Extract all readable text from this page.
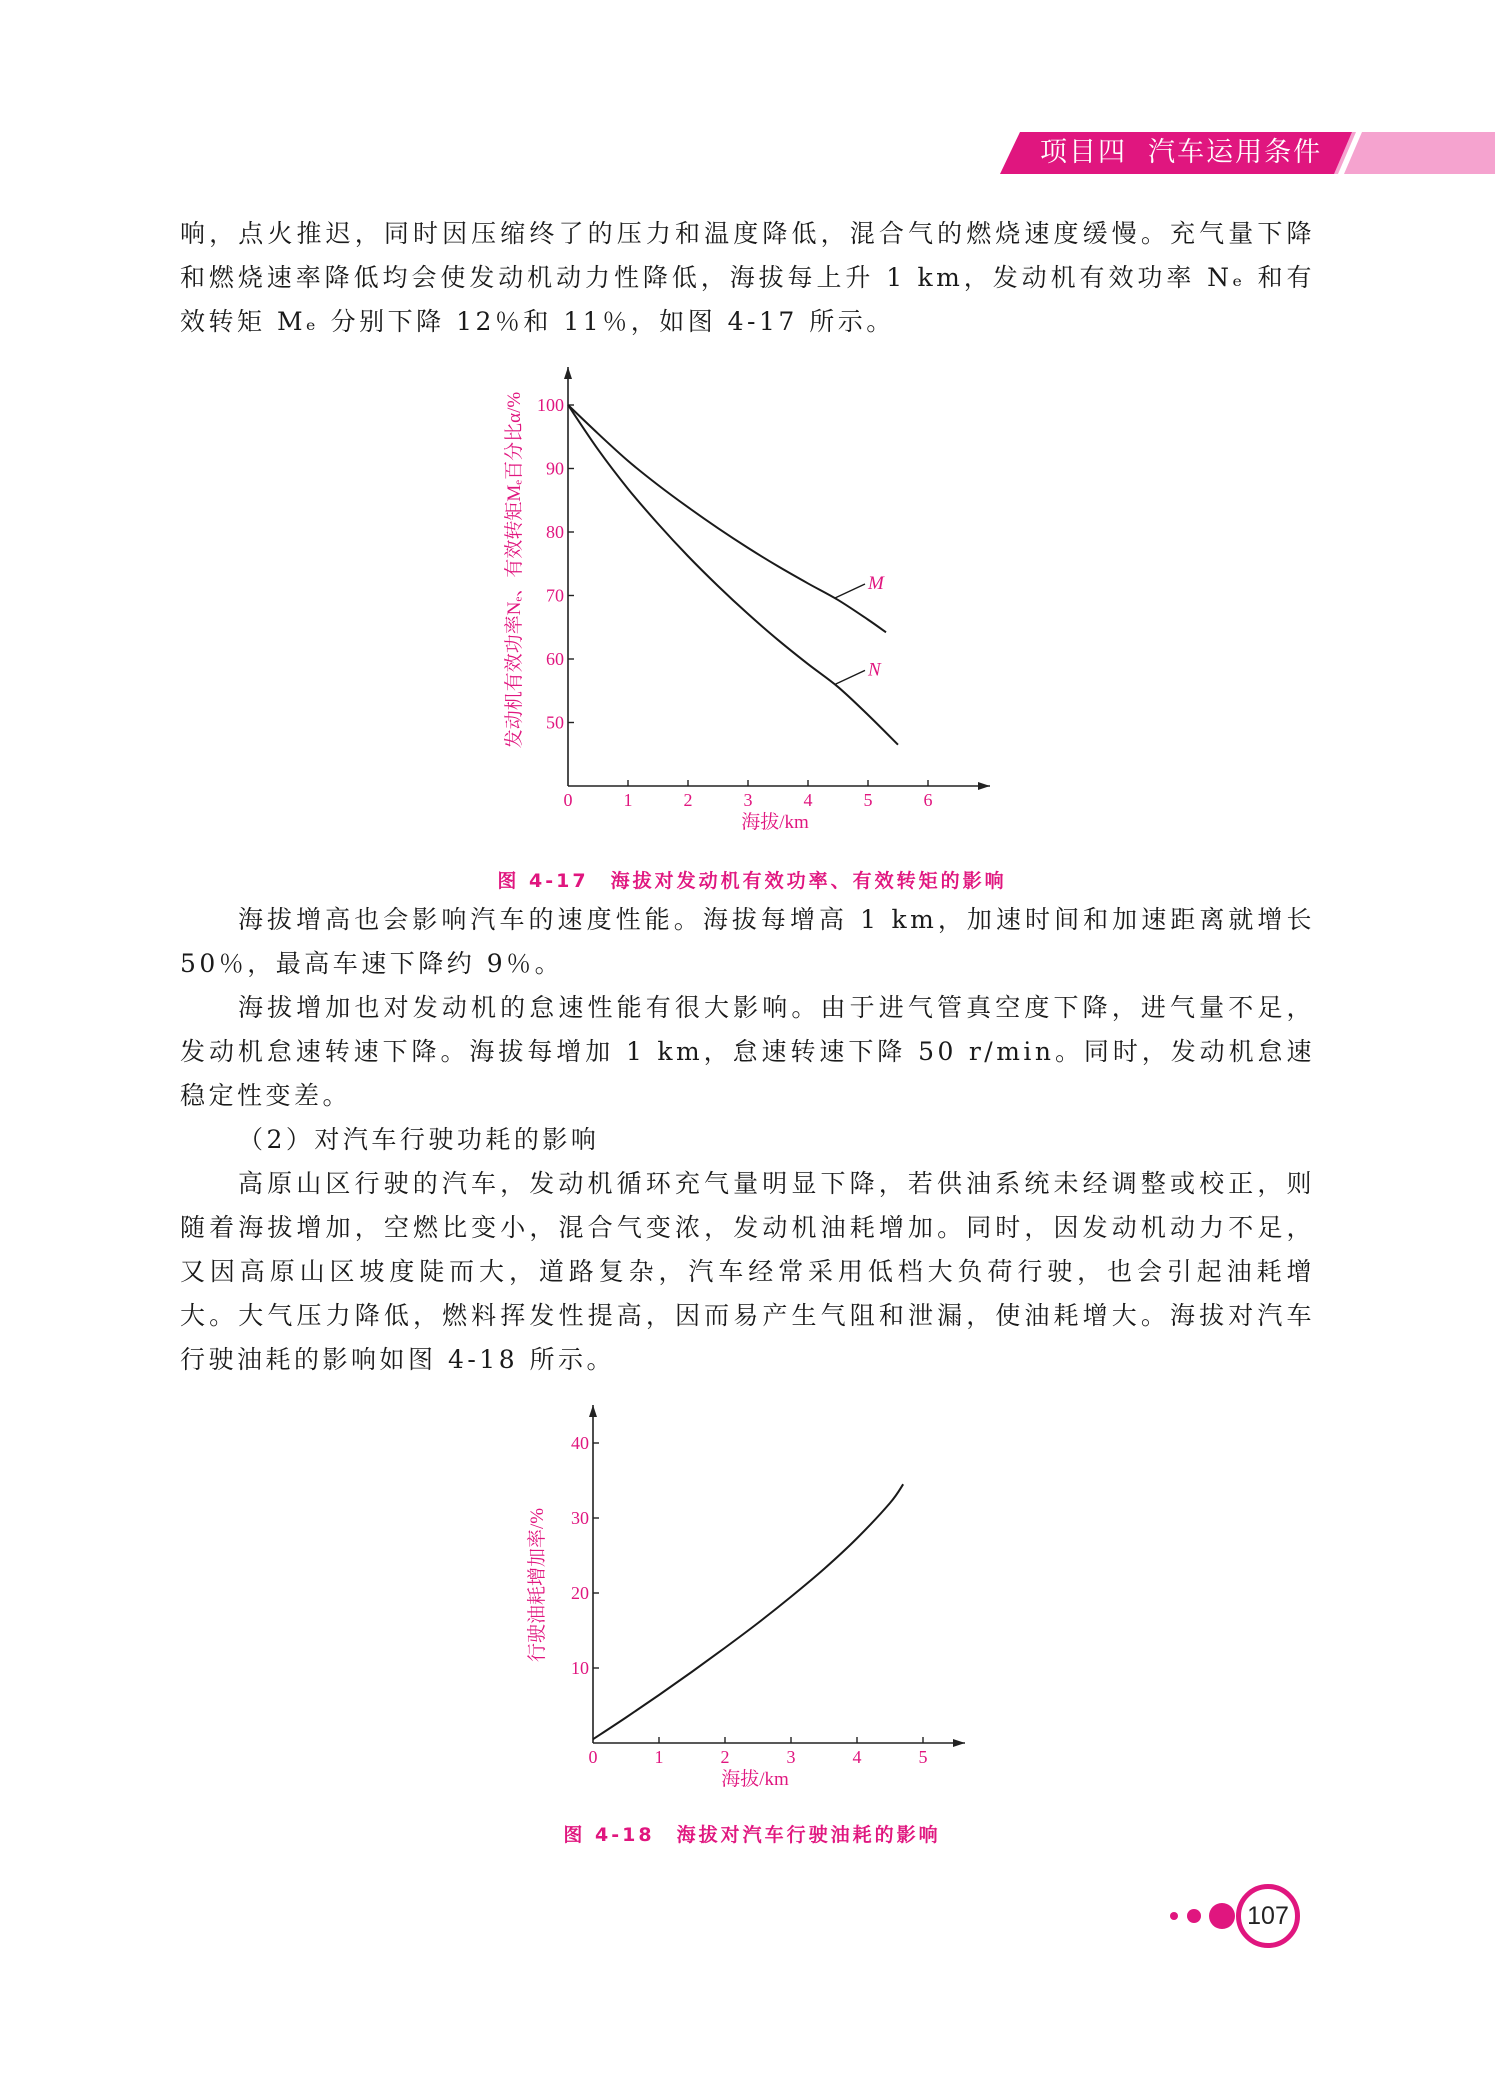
项目四  汽车运用条件

响，点火推迟，同时因压缩终了的压力和温度降低，混合气的燃烧速度缓慢。充气量下降和燃烧速率降低均会使发动机动力性降低，海拔每上升 1 km，发动机有效功率 Nₑ 和有效转矩 Mₑ 分别下降 12％和 11％，如图 4-17 所示。

0	1	2	3	4	5	6
50
60
70
80
90
100
海拔/km
发动机有效功率Nₑ、有效转矩Mₑ百分比α/%	M
N
图 4-17　海拔对发动机有效功率、有效转矩的影响

海拔增高也会影响汽车的速度性能。海拔每增高 1 km，加速时间和加速距离就增长50％，最高车速下降约 9％。

海拔增加也对发动机的怠速性能有很大影响。由于进气管真空度下降，进气量不足，发动机怠速转速下降。海拔每增加 1 km，怠速转速下降 50 r/min。同时，发动机怠速稳定性变差。

（2）对汽车行驶功耗的影响

高原山区行驶的汽车，发动机循环充气量明显下降，若供油系统未经调整或校正，则随着海拔增加，空燃比变小，混合气变浓，发动机油耗增加。同时，因发动机动力不足，又因高原山区坡度陡而大，道路复杂，汽车经常采用低档大负荷行驶，也会引起油耗增大。大气压力降低，燃料挥发性提高，因而易产生气阻和泄漏，使油耗增大。海拔对汽车行驶油耗的影响如图 4-18 所示。

0	1	2	3	4	5
10
20
30
40
海拔/km
行驶油耗增加率/%
图 4-18　海拔对汽车行驶油耗的影响
107
